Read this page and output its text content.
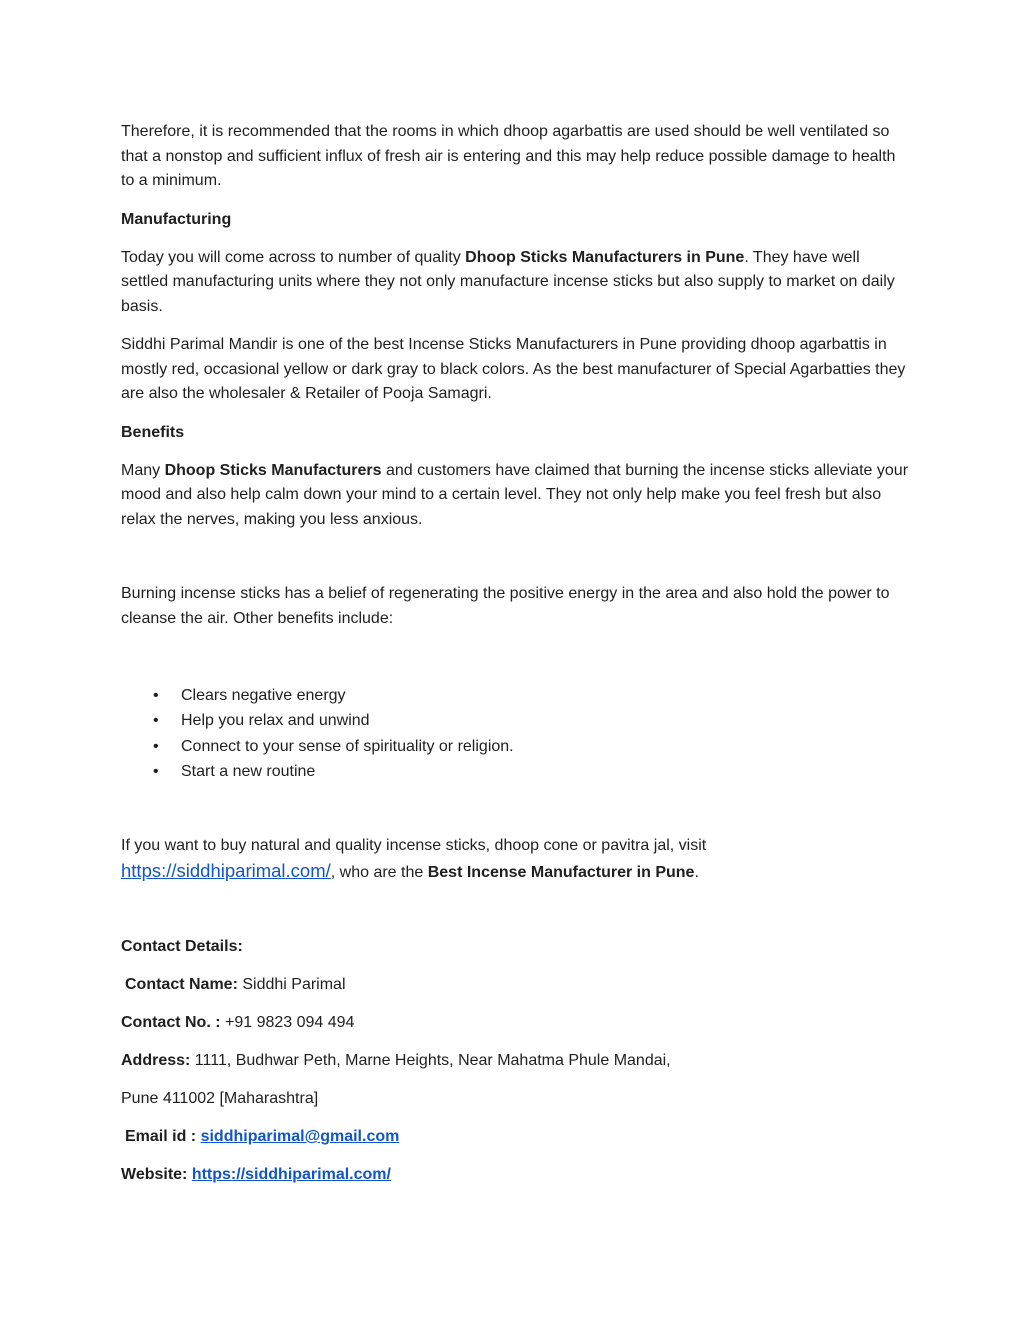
Therefore, it is recommended that the rooms in which dhoop agarbattis are used should be well ventilated so that a nonstop and sufficient influx of fresh air is entering and this may help reduce possible damage to health to a minimum.

Manufacturing

Today you will come across to number of quality Dhoop Sticks Manufacturers in Pune. They have well settled manufacturing units where they not only manufacture incense sticks but also supply to market on daily basis.

Siddhi Parimal Mandir is one of the best Incense Sticks Manufacturers in Pune providing dhoop agarbattis in mostly red, occasional yellow or dark gray to black colors. As the best manufacturer of Special Agarbatties they are also the wholesaler & Retailer of Pooja Samagri.

Benefits

Many Dhoop Sticks Manufacturers and customers have claimed that burning the incense sticks alleviate your mood and also help calm down your mind to a certain level. They not only help make you feel fresh but also relax the nerves, making you less anxious.

Burning incense sticks has a belief of regenerating the positive energy in the area and also hold the power to cleanse the air. Other benefits include:

• Clears negative energy
• Help you relax and unwind
• Connect to your sense of spirituality or religion.
• Start a new routine

If you want to buy natural and quality incense sticks, dhoop cone or pavitra jal, visit
https://siddhiparimal.com/, who are the Best Incense Manufacturer in Pune.

Contact Details:

Contact Name: Siddhi Parimal

Contact No. : +91 9823 094 494

Address: 1111, Budhwar Peth, Marne Heights, Near Mahatma Phule Mandai,

Pune 411002 [Maharashtra]

Email id : siddhiparimal@gmail.com

Website: https://siddhiparimal.com/
